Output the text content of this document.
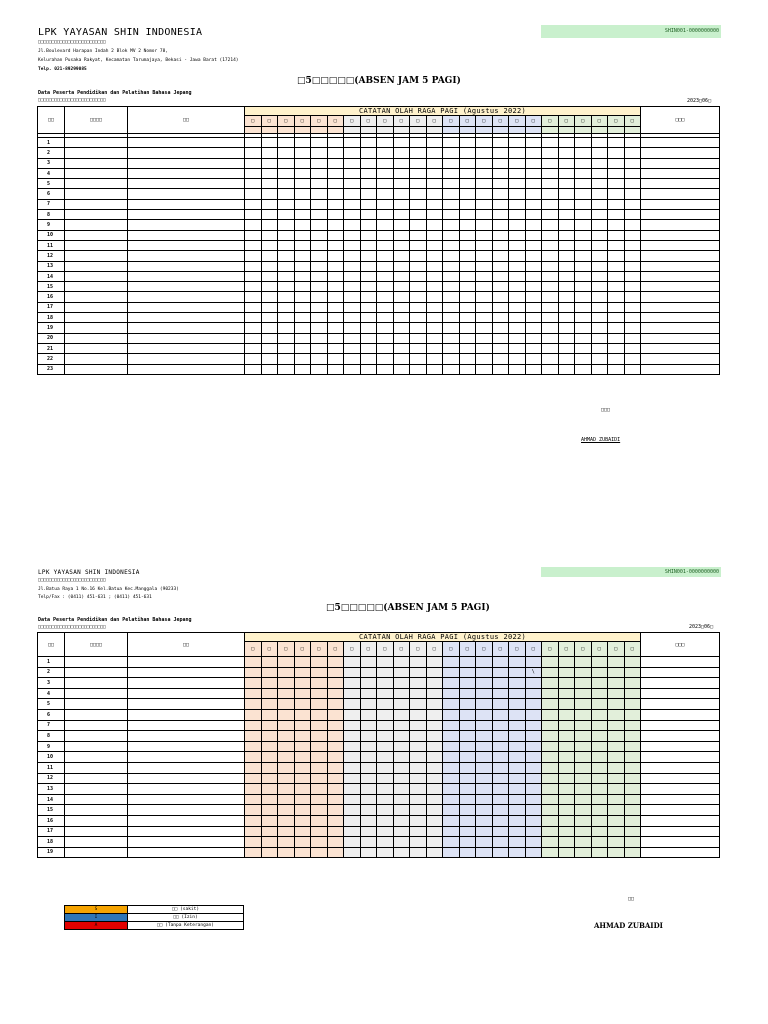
LPK YAYASAN SHIN INDONESIA
□□□□□□□□□□□□□□□□□□□□□□□□□
Jl.Boulevard Harapan Indah 2 Blok MV 2 Nomor 78,
Kelurahan Pusaka Rakyat, Kecamatan Tarumajaya, Bekasi - Jawa Barat (17214)
Telp. 021-89299085
SHIN001-0000000000
□5□□□□□(ABSEN JAM 5 PAGI)
Data Peserta Pendidikan dan Pelatihan Bahasa Jepang
□□□□□□□□□□□□□□□□□□□□□□□□□	2023□06□
□□	□□□□	□□	CATATAN OLAH RAGA PAGI (Agustus 2022)																								□□□
			□	□	□	□	□	□	□	□	□	□	□	□	□	□	□	□	□	□	□	□	□	□	□	□	

1																											
2																											
3																											
4																											
5																											
6																											
7																											
8																											
9																											
10																											
11																											
12																											
13																											
14																											
15																											
16																											
17																											
18																											
19																											
20																											
21																											
22																											
23																											
□□□
AHMAD ZUBAIDI
LPK YAYASAN SHIN INDONESIA
□□□□□□□□□□□□□□□□□□□□□□□□□
Jl.Batua Raya 1 No.16 Kel.Batua Kec.Manggala (90233)
Telp/Fax : (0411) 451-631 ; (0411) 451-631
SHIN001-0000000000
□5□□□□□(ABSEN JAM 5 PAGI)
Data Peserta Pendidikan dan Pelatihan Bahasa Jepang
□□□□□□□□□□□□□□□□□□□□□□□□□	2023□06□
□□	□□□□	□□	CATATAN OLAH RAGA PAGI (Agustus 2022)																								□□□
			□	□	□	□	□	□	□	□	□	□	□	□	□	□	□	□	□	□	□	□	□	□	□	□	
1																											
2																				\							
3																											
4																											
5																											
6																											
7																											
8																											
9																											
10																											
11																											
12																											
13																											
14																											
15																											
16																											
17																											
18																											
19																											
□□
AHMAD ZUBAIDI
S	□□ (sakit)
I	□□ (Izin)
A	□□ (Tanpa Keterangan)
